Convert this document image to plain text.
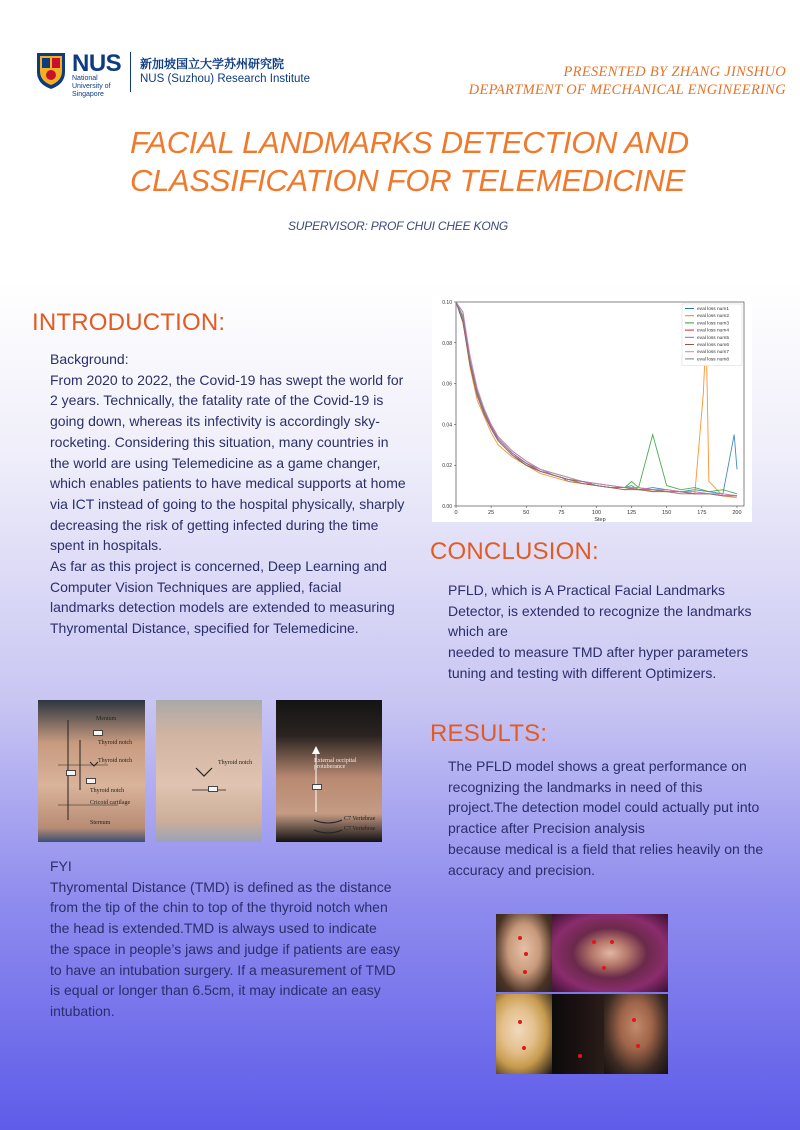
NUS
National University of Singapore
新加坡国立大学苏州研究院
NUS (Suzhou) Research Institute	PRESENTED BY ZHANG JINSHUO
DEPARTMENT OF MECHANICAL ENGINEERING
FACIAL LANDMARKS DETECTION AND
CLASSIFICATION FOR TELEMEDICINE
SUPERVISOR: PROF CHUI CHEE KONG
INTRODUCTION:

Background:

From 2020 to 2022, the Covid-19 has swept the world for 2 years. Technically, the fatality rate of the Covid-19 is going down, whereas its infectivity is accordingly sky-rocketing. Considering this situation, many countries in the world are using Telemedicine as a game changer, which enables patients to have medical supports at home via ICT instead of going to the hospital physically, sharply decreasing the risk of getting infected during the time spent in hospitals.

As far as this project is concerned, Deep Learning and Computer Vision Techniques are applied, facial landmarks detection models are extended to measuring Thyromental Distance, specified for Telemedicine.

0	25	50	75	100	125	150	175	200
0.00
0.02
0.04
0.06
0.08
0.10
Step
eval loss num1
eval loss num2
eval loss num3
eval loss num4
eval loss num5
eval loss num6
eval loss num7
eval loss num8
CONCLUSION:

PFLD, which is A Practical Facial Landmarks Detector, is extended to recognize the landmarks which are

needed to measure TMD after hyper parameters tuning and testing with different Optimizers.

RESULTS:

The PFLD model shows a great performance on recognizing the landmarks in need of this project.The detection model could actually put into practice after Precision analysis

because medical is a field that relies heavily on the accuracy and precision.

Mentum
Thyroid notch
Thyroid notch
Thyroid notch
Cricoid cartilage
Sternum
Thyroid notch	External occipital protuberance
C7 Vertebrae
C7 Vertebrae

FYI

Thyromental Distance (TMD) is defined as the distance from the tip of the chin to top of the thyroid notch when the head is extended.TMD is always used to indicate the space in people’s jaws and judge if patients are easy to have an intubation surgery. If a measurement of TMD is equal or longer than 6.5cm, it may indicate an easy intubation.
